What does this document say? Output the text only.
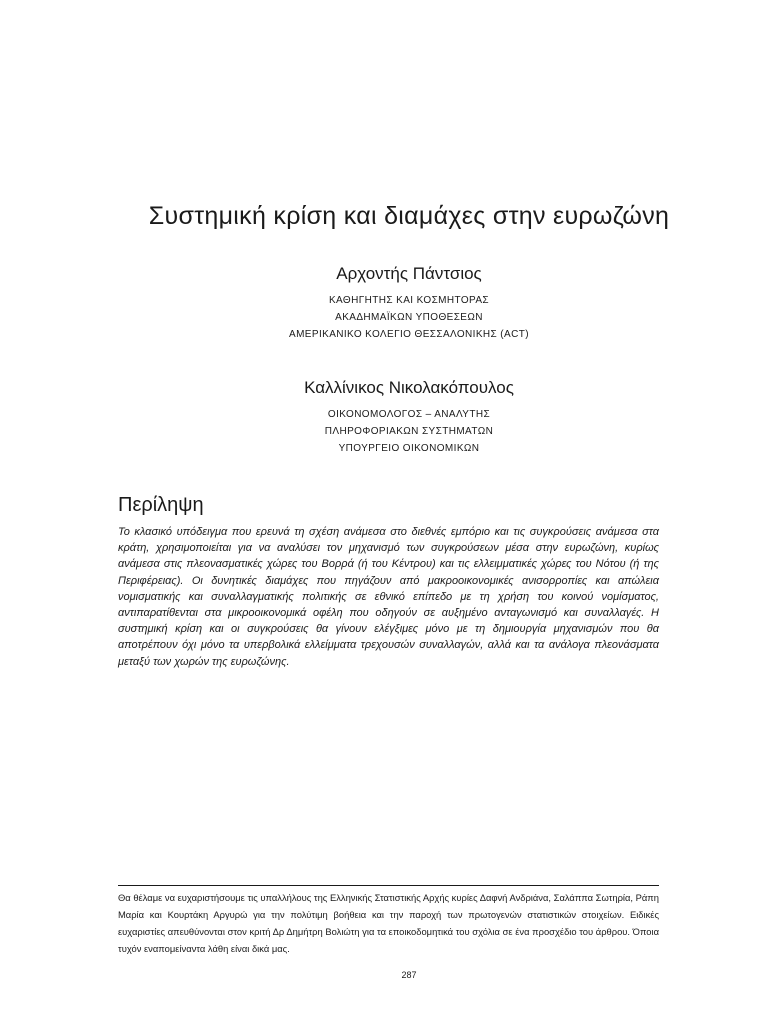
Συστημική κρίση και διαμάχες στην ευρωζώνη

Αρχοντής Πάντσιος

ΚΑΘΗΓΗΤΗΣ ΚΑΙ ΚΟΣΜΗΤΟΡΑΣ

ΑΚΑΔΗΜΑΪΚΩΝ ΥΠΟΘΕΣΕΩΝ

ΑΜΕΡΙΚΑΝΙΚΟ ΚΟΛΕΓΙΟ ΘΕΣΣΑΛΟΝΙΚΗΣ (ACT)

Καλλίνικος Νικολακόπουλος

ΟΙΚΟΝΟΜΟΛΟΓΟΣ – ΑΝΑΛΥΤΗΣ

ΠΛΗΡΟΦΟΡΙΑΚΩΝ ΣΥΣΤΗΜΑΤΩΝ

ΥΠΟΥΡΓΕΙΟ ΟΙΚΟΝΟΜΙΚΩΝ

Περίληψη

Το κλασικό υπόδειγμα που ερευνά τη σχέση ανάμεσα στο διεθνές εμπόριο και τις συγκρούσεις ανάμεσα στα κράτη, χρησιμοποιείται για να αναλύσει τον μηχανισμό των συγκρούσεων μέσα στην ευρωζώνη, κυρίως ανάμεσα στις πλεονασματικές χώρες του Βορρά (ή του Κέντρου) και τις ελλειμματικές χώρες του Νότου (ή της Περιφέρειας). Οι δυνητικές διαμάχες που πηγάζουν από μακροοικονομικές ανισορροπίες και απώλεια νομισματικής και συναλλαγματικής πολιτικής σε εθνικό επίπεδο με τη χρήση του κοινού νομίσματος, αντιπαρατίθενται στα μικροοικονομικά οφέλη που οδηγούν σε αυξημένο ανταγωνισμό και συναλλαγές. Η συστημική κρίση και οι συγκρούσεις θα γίνουν ελέγξιμες μόνο με τη δημιουργία μηχανισμών που θα αποτρέπουν όχι μόνο τα υπερβολικά ελλείμματα τρεχουσών συναλλαγών, αλλά και τα ανάλογα πλεονάσματα μεταξύ των χωρών της ευρωζώνης.

Θα θέλαμε να ευχαριστήσουμε τις υπαλλήλους της Ελληνικής Στατιστικής Αρχής κυρίες Δαφνή Ανδριάνα, Σαλάππα Σωτηρία, Ράπη Μαρία και Κουρτάκη Αργυρώ για την πολύτιμη βοήθεια και την παροχή των πρωτογενών στατιστικών στοιχείων. Ειδικές ευχαριστίες απευθύνονται στον κριτή Δρ Δημήτρη Βολιώτη για τα εποικοδομητικά του σχόλια σε ένα προσχέδιο του άρθρου. Όποια τυχόν εναπομείναντα λάθη είναι δικά μας.

287
